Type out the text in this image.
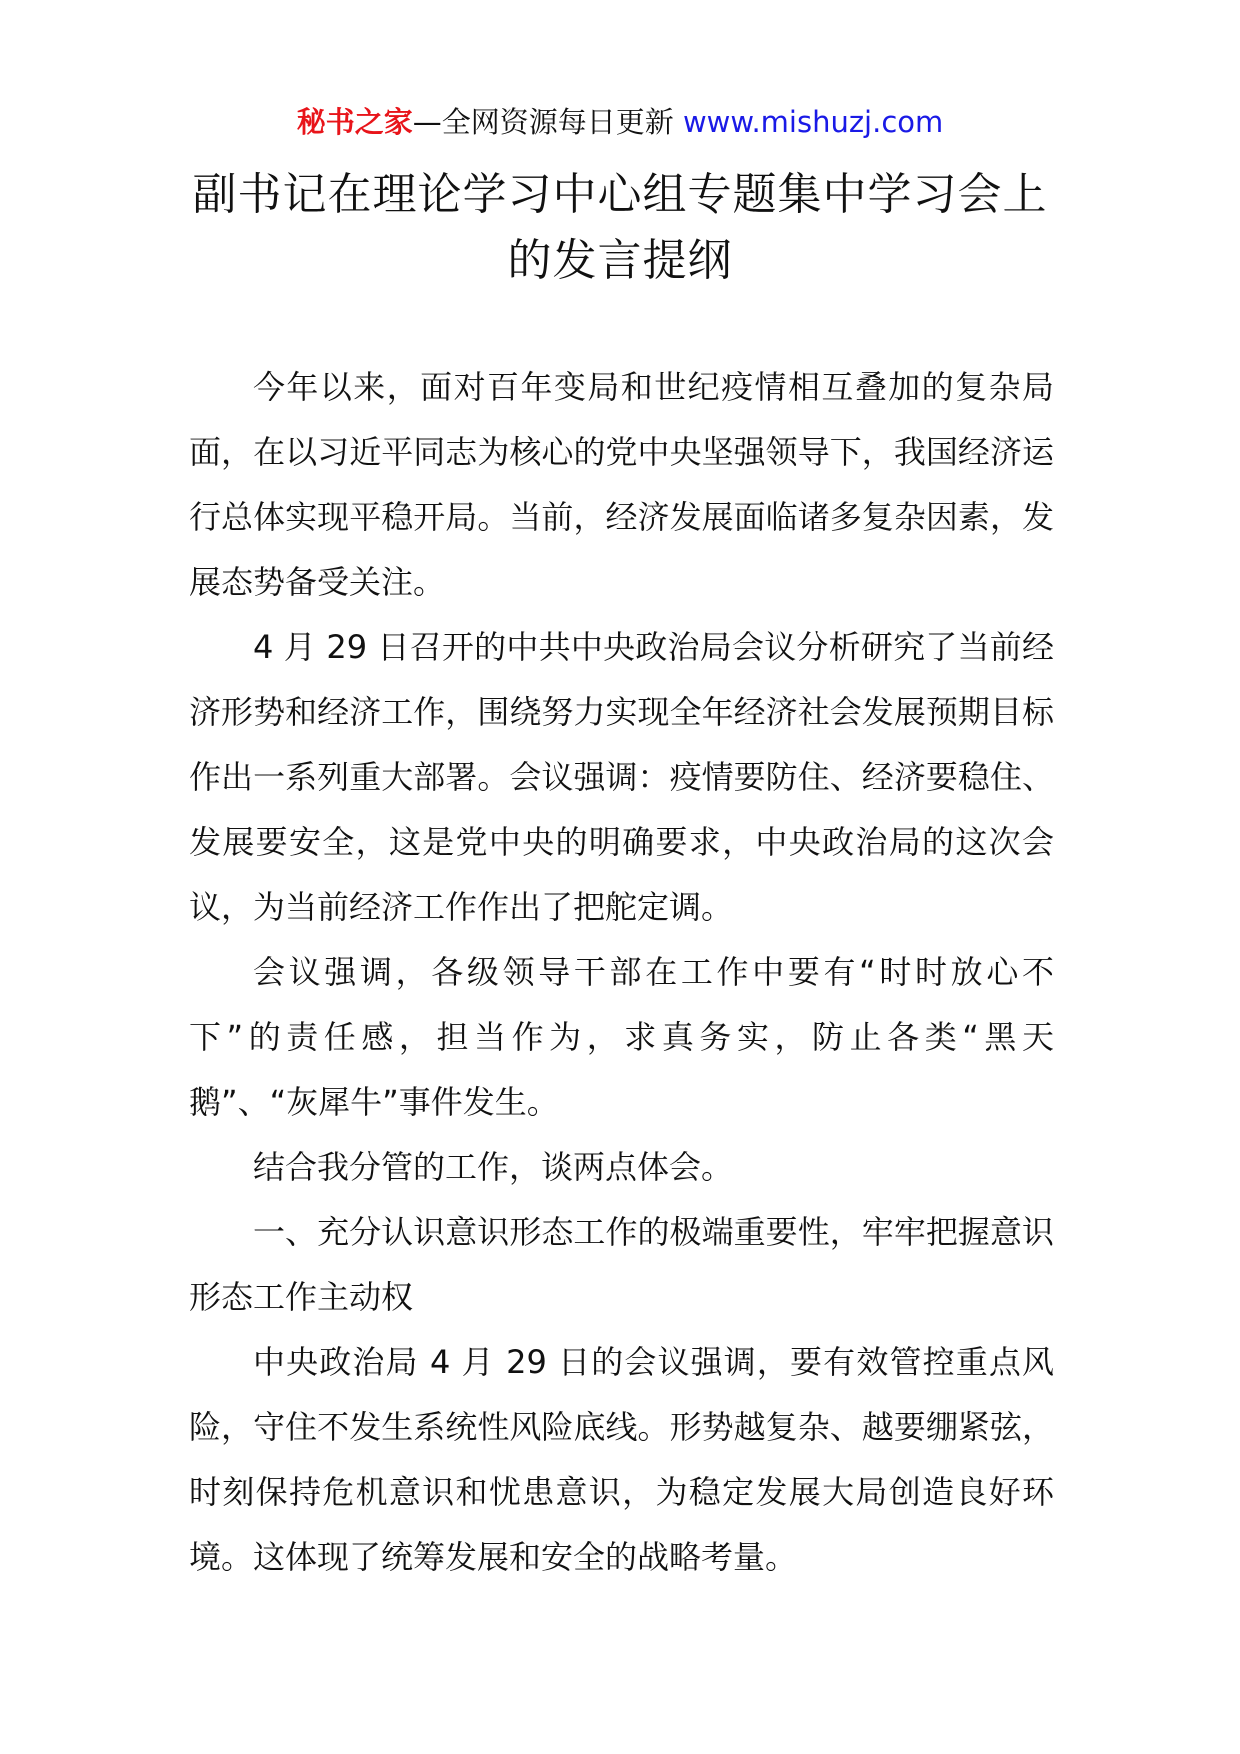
秘书之家—全网资源每日更新 www.mishuzj.com
副书记在理论学习中心组专题集中学习会上的发言提纲

今年以来，面对百年变局和世纪疫情相互叠加的复杂局面，在以习近平同志为核心的党中央坚强领导下，我国经济运行总体实现平稳开局。当前，经济发展面临诸多复杂因素，发展态势备受关注。

4 月 29 日召开的中共中央政治局会议分析研究了当前经济形势和经济工作，围绕努力实现全年经济社会发展预期目标作出一系列重大部署。会议强调：疫情要防住、经济要稳住、发展要安全，这是党中央的明确要求，中央政治局的这次会议，为当前经济工作作出了把舵定调。

会议强调，各级领导干部在工作中要有“时时放心不下”的责任感，担当作为，求真务实，防止各类“黑天鹅”、“灰犀牛”事件发生。

结合我分管的工作，谈两点体会。

一、充分认识意识形态工作的极端重要性，牢牢把握意识形态工作主动权

中央政治局 4 月 29 日的会议强调，要有效管控重点风险，守住不发生系统性风险底线。形势越复杂、越要绷紧弦，时刻保持危机意识和忧患意识，为稳定发展大局创造良好环境。这体现了统筹发展和安全的战略考量。
